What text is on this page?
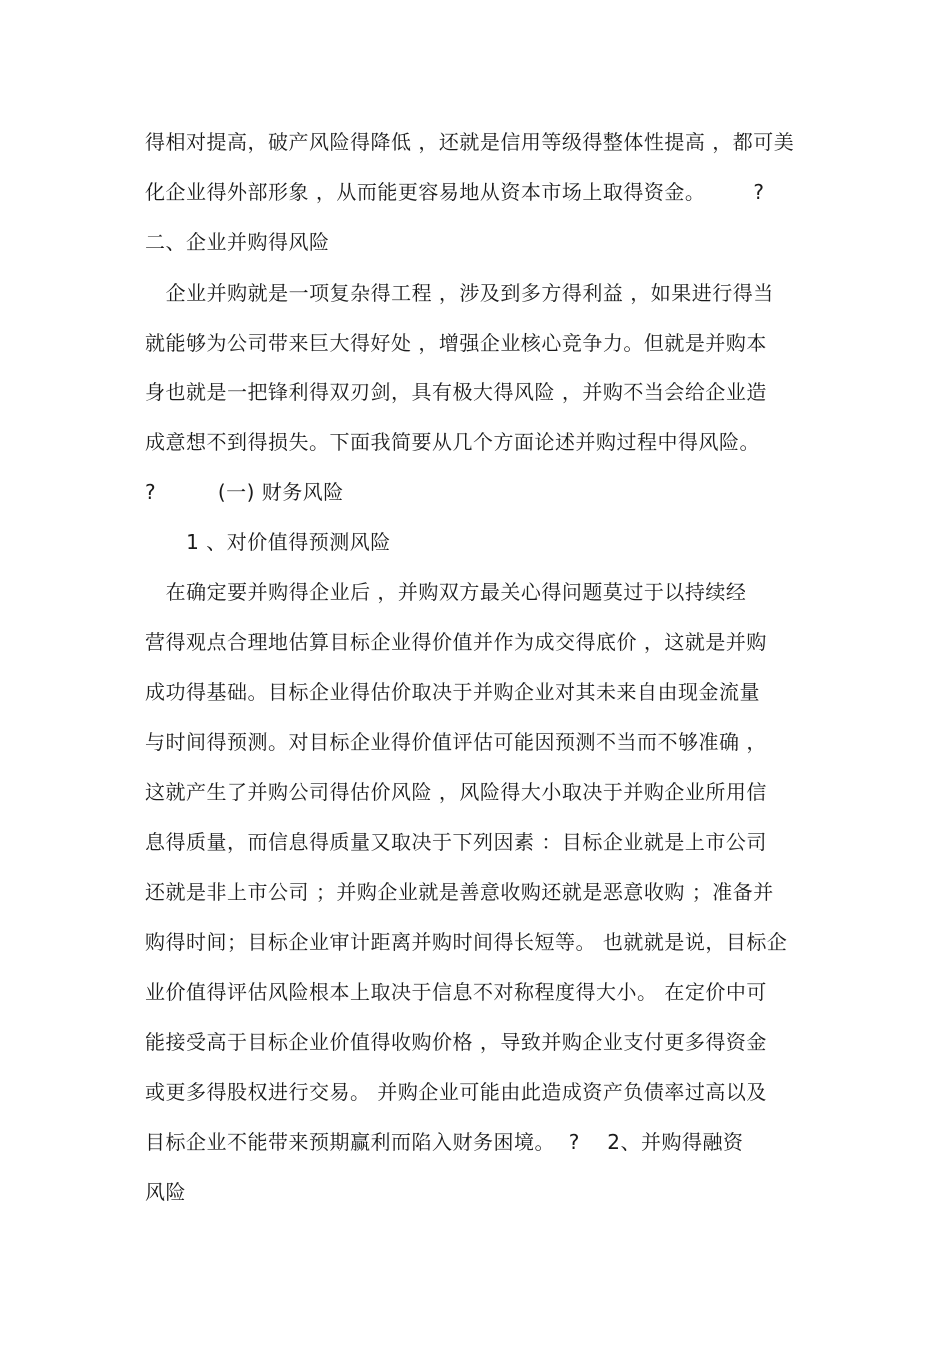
得相对提高，破产风险得降低 ，还就是信用等级得整体性提高 ，都可美
化企业得外部形象 ，从而能更容易地从资本市场上取得资金。       ?
二、企业并购得风险
企业并购就是一项复杂得工程 ，涉及到多方得利益 ，如果进行得当
就能够为公司带来巨大得好处 ，增强企业核心竞争力。但就是并购本
身也就是一把锋利得双刃剑，具有极大得风险 ，并购不当会给企业造
成意想不到得损失。下面我简要从几个方面论述并购过程中得风险。
?         (一) 财务风险
1 、对价值得预测风险
在确定要并购得企业后 ，并购双方最关心得问题莫过于以持续经
营得观点合理地估算目标企业得价值并作为成交得底价 ，这就是并购
成功得基础。目标企业得估价取决于并购企业对其未来自由现金流量
与时间得预测。对目标企业得价值评估可能因预测不当而不够准确 ，
这就产生了并购公司得估价风险 ，风险得大小取决于并购企业所用信
息得质量，而信息得质量又取决于下列因素 ：目标企业就是上市公司
还就是非上市公司 ；并购企业就是善意收购还就是恶意收购 ；准备并
购得时间；目标企业审计距离并购时间得长短等。 也就就是说，目标企
业价值得评估风险根本上取决于信息不对称程度得大小。 在定价中可
能接受高于目标企业价值得收购价格 ，导致并购企业支付更多得资金
或更多得股权进行交易。 并购企业可能由此造成资产负债率过高以及
目标企业不能带来预期赢利而陷入财务困境。  ?    2、并购得融资
风险
